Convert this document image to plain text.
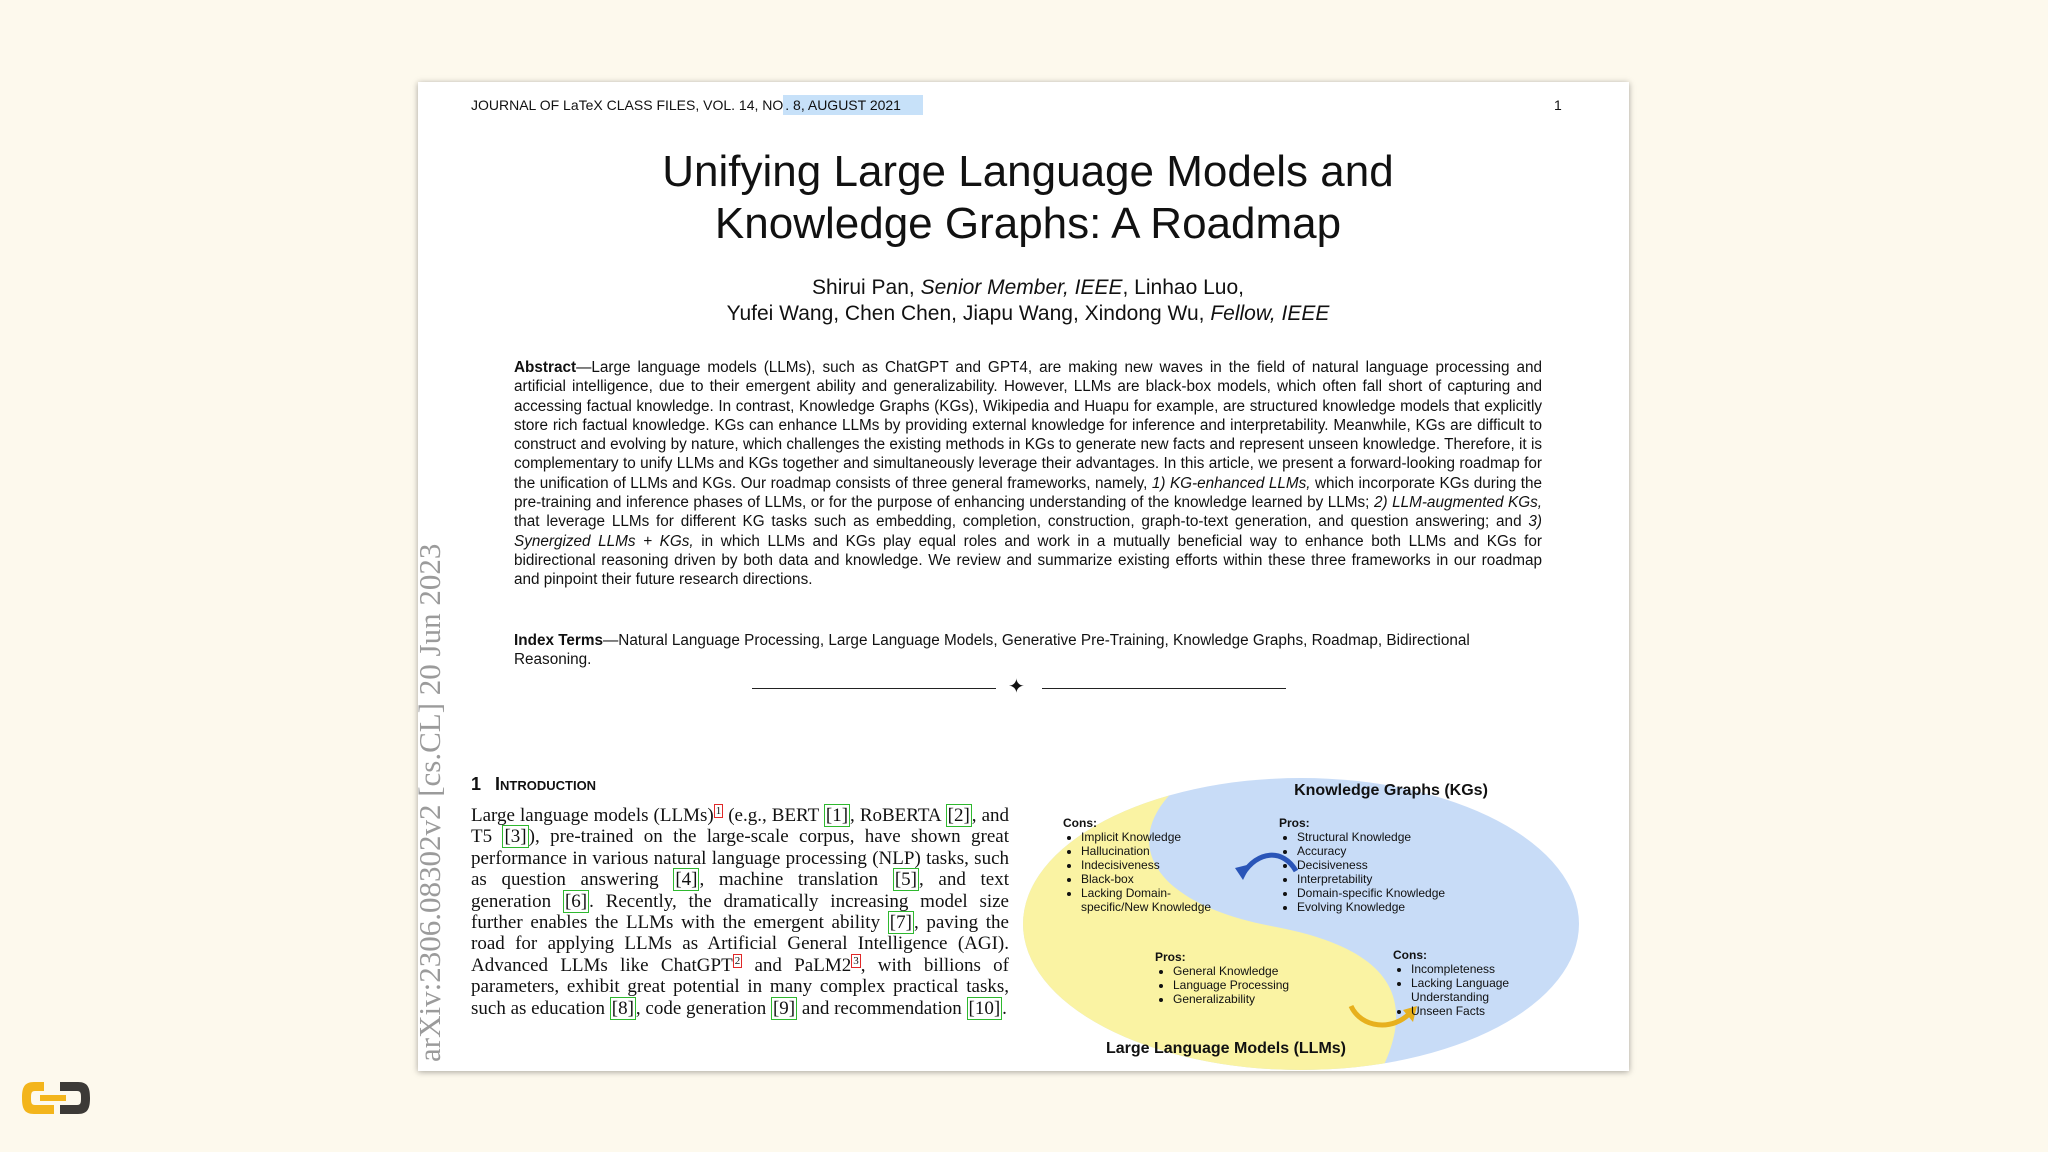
arXiv:2306.08302v2 [cs.CL] 20 Jun 2023
JOURNAL OF LaTeX CLASS FILES, VOL. 14, NO . 8, AUGUST 2021	1
Unifying Large Language Models and
Knowledge Graphs: A Roadmap
Shirui Pan, Senior Member, IEEE, Linhao Luo,
Yufei Wang, Chen Chen, Jiapu Wang, Xindong Wu, Fellow, IEEE
Abstract—Large language models (LLMs), such as ChatGPT and GPT4, are making new waves in the field of natural language processing and artificial intelligence, due to their emergent ability and generalizability. However, LLMs are black-box models, which often fall short of capturing and accessing factual knowledge. In contrast, Knowledge Graphs (KGs), Wikipedia and Huapu for example, are structured knowledge models that explicitly store rich factual knowledge. KGs can enhance LLMs by providing external knowledge for inference and interpretability. Meanwhile, KGs are difficult to construct and evolving by nature, which challenges the existing methods in KGs to generate new facts and represent unseen knowledge. Therefore, it is complementary to unify LLMs and KGs together and simultaneously leverage their advantages. In this article, we present a forward-looking roadmap for the unification of LLMs and KGs. Our roadmap consists of three general frameworks, namely, 1) KG-enhanced LLMs, which incorporate KGs during the pre-training and inference phases of LLMs, or for the purpose of enhancing understanding of the knowledge learned by LLMs; 2) LLM-augmented KGs, that leverage LLMs for different KG tasks such as embedding, completion, construction, graph-to-text generation, and question answering; and 3) Synergized LLMs + KGs, in which LLMs and KGs play equal roles and work in a mutually beneficial way to enhance both LLMs and KGs for bidirectional reasoning driven by both data and knowledge. We review and summarize existing efforts within these three frameworks in our roadmap and pinpoint their future research directions.
Index Terms—Natural Language Processing, Large Language Models, Generative Pre-Training, Knowledge Graphs, Roadmap, Bidirectional Reasoning.
✦
1 Introduction
Large language models (LLMs) $^1$ (e.g., BERT [1] , RoBERTA [2] , and T5 [3] ), pre-trained on the large-scale corpus, have shown great performance in various natural language processing (NLP) tasks, such as question answering [4] , machine translation [5] , and text generation [6] . Recently, the dramatically increasing model size further enables the LLMs with the emergent ability [7] , paving the road for applying LLMs as Artificial General Intelligence (AGI). Advanced LLMs like ChatGPT $^2$ and PaLM2 $^3$ , with billions of parameters, exhibit great potential in many complex practical tasks, such as education [8] , code generation [9] and recommendation [10] .
Knowledge Graphs (KGs)
Cons:
• Implicit Knowledge
• Hallucination
• Indecisiveness
• Black-box
• Lacking Domain-specific/New Knowledge
Pros:
• Structural Knowledge
• Accuracy
• Decisiveness
• Interpretability
• Domain-specific Knowledge
• Evolving Knowledge
Pros:
• General Knowledge
• Language Processing
• Generalizability
Cons:
• Incompleteness
• Lacking Language Understanding
• Unseen Facts
Large Language Models (LLMs)
